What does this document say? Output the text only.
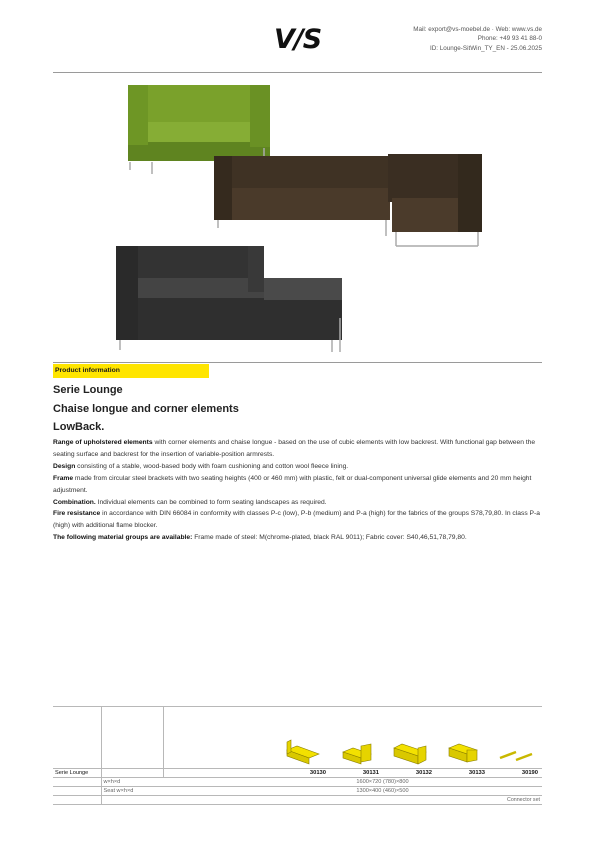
V/S	Mail: export@vs-moebel.de · Web: www.vs.de
Phone: +49 93 41 88-0
ID: Lounge-SitWin_TY_EN - 25.06.2025
Product information
Serie Lounge
Chaise longue and corner elements
LowBack.

Range of upholstered elements with corner elements and chaise longue - based on the use of cubic elements with low backrest. With functional gap between the seating surface and backrest for the insertion of variable-position armrests.

Design consisting of a stable, wood-based body with foam cushioning and cotton wool fleece lining.

Frame made from circular steel brackets with two seating heights (400 or 460 mm) with plastic, felt or dual-component universal glide elements and 20 mm height adjustment.

Combination. Individual elements can be combined to form seating landscapes as required.

Fire resistance in accordance with DIN 66084 in conformity with classes P-c (low), P-b (medium) and P-a (high) for the fabrics of the groups S78,79,80. In class P-a (high) with additional flame blocker.

The following material groups are available: Frame made of steel: M(chrome-plated, black RAL 9011); Fabric cover: S40,46,51,78,79,80.

Serie Lounge			30130	30131	30132	30133	30190
	w×h×d		1600×720 (780)×800				
	Seat w×h×d		1300×400 (460)×500				
							Connector set
